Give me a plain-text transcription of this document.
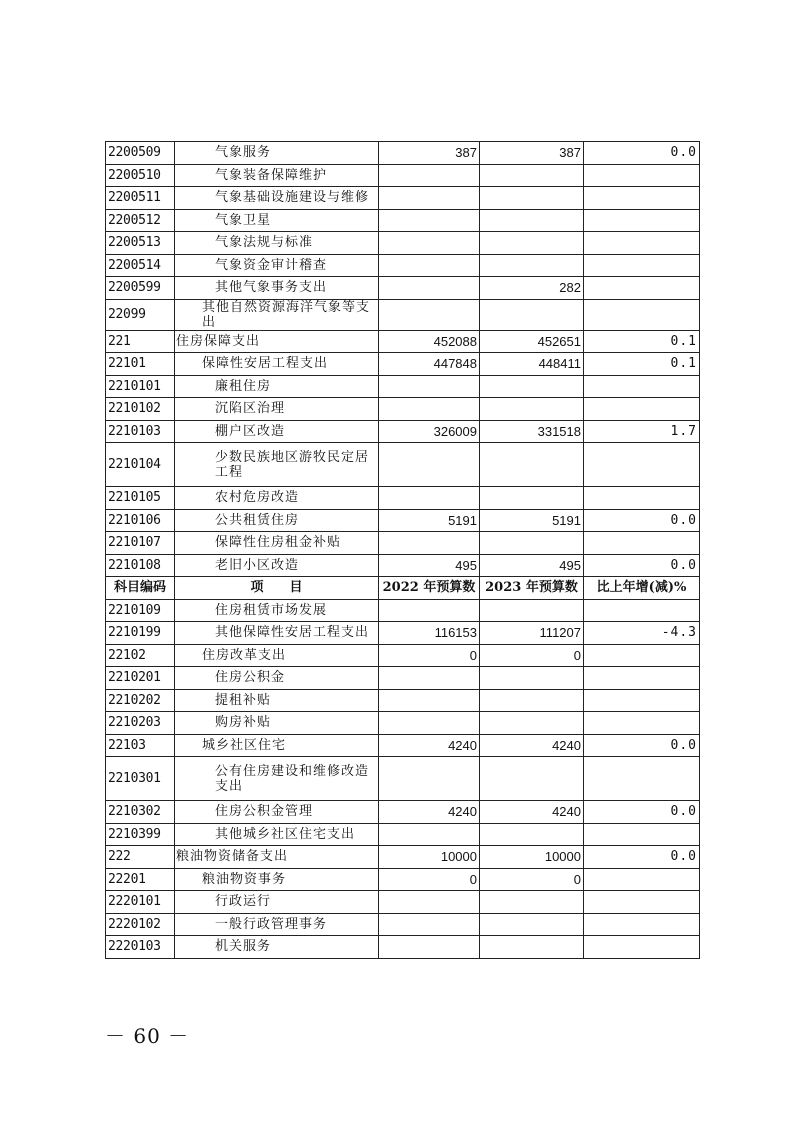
2200509	气象服务	387	387	0.0
2200510	气象装备保障维护			
2200511	气象基础设施建设与维修			
2200512	气象卫星			
2200513	气象法规与标准			
2200514	气象资金审计稽查			
2200599	其他气象事务支出		282	
22099	其他自然资源海洋气象等支出			
221	住房保障支出	452088	452651	0.1
22101	保障性安居工程支出	447848	448411	0.1
2210101	廉租住房			
2210102	沉陷区治理			
2210103	棚户区改造	326009	331518	1.7
2210104	少数民族地区游牧民定居工程			
2210105	农村危房改造			
2210106	公共租赁住房	5191	5191	0.0
2210107	保障性住房租金补贴			
2210108	老旧小区改造	495	495	0.0
科目编码	项　　目	2022 年预算数	2023 年预算数	比上年增(减)%
2210109	住房租赁市场发展			
2210199	其他保障性安居工程支出	116153	111207	-4.3
22102	住房改革支出	0	0	
2210201	住房公积金			
2210202	提租补贴			
2210203	购房补贴			
22103	城乡社区住宅	4240	4240	0.0
2210301	公有住房建设和维修改造支出			
2210302	住房公积金管理	4240	4240	0.0
2210399	其他城乡社区住宅支出			
222	粮油物资储备支出	10000	10000	0.0
22201	粮油物资事务	0	0	
2220101	行政运行			
2220102	一般行政管理事务			
2220103	机关服务			
－ 60 －
